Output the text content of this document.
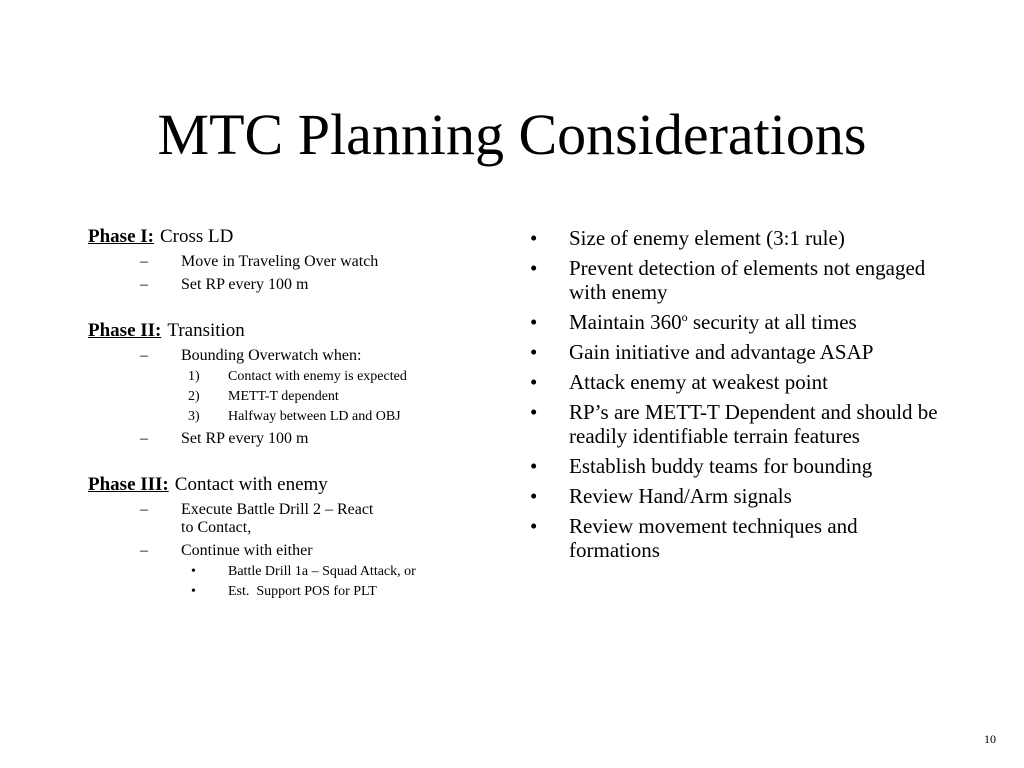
MTC Planning Considerations
Phase I: Cross LD
– Move in Traveling Over watch
– Set RP every 100 m
Phase II: Transition
– Bounding Overwatch when:
1) Contact with enemy is expected
2) METT-T dependent
3) Halfway between LD and OBJ
– Set RP every 100 m
Phase III: Contact with enemy
– Execute Battle Drill 2 – React to Contact,
– Continue with either
• Battle Drill 1a – Squad Attack, or
• Est.  Support POS for PLT
• Size of enemy element (3:1 rule)
• Prevent detection of elements not engaged with enemy
• Maintain 360$^o$ security at all times
• Gain initiative and advantage ASAP
• Attack enemy at weakest point
• RP’s are METT-T Dependent and should be readily identifiable terrain features
• Establish buddy teams for bounding
• Review Hand/Arm signals
• Review movement techniques and formations
10
